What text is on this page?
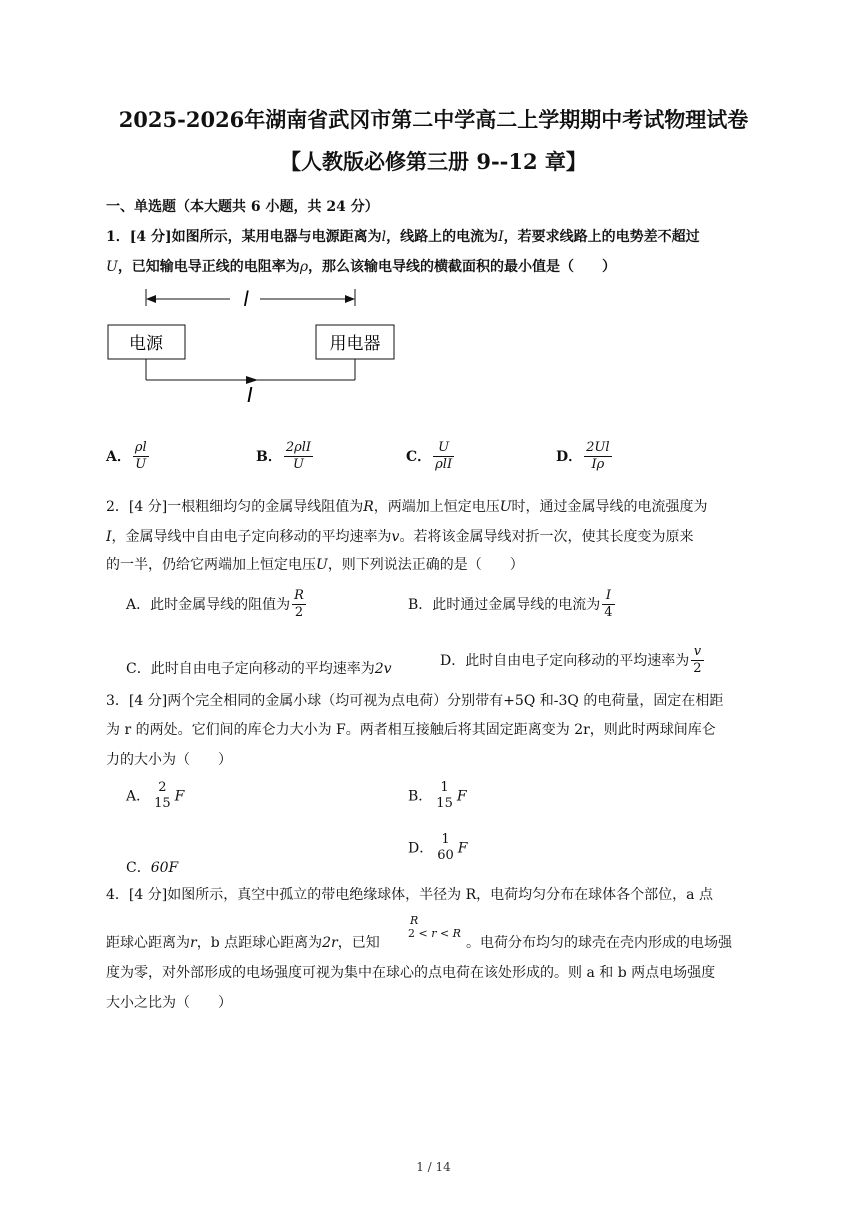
2025-2026年湖南省武冈市第二中学高二上学期期中考试物理试卷
【人教版必修第三册 9--12 章】
一、单选题（本大题共 6 小题，共 24 分）
1．[4 分]如图所示，某用电器与电源距离为l，线路上的电流为I，若要求线路上的电势差不超过
U，已知输电导正线的电阻率为ρ，那么该输电导线的横截面积的最小值是（　　）
l
电源	用电器
I
A． $\frac{\rho l}{U}$	B． $\frac{\text{2ρlI}}{U}$	C． $\frac{U}{\text{ρlI}}$	D． $\frac{2Ul}{I\rho}$
2．[4 分]一根粗细均匀的金属导线阻值为R，两端加上恒定电压U时，通过金属导线的电流强度为
I，金属导线中自由电子定向移动的平均速率为v。若将该金属导线对折一次，使其长度变为原来
的一半，仍给它两端加上恒定电压U，则下列说法正确的是（　　）
A．此时金属导线的阻值为 $\frac{R}{2}$	B．此时通过金属导线的电流为 $\frac{I}{4}$
C．此时自由电子定向移动的平均速率为2v
D．此时自由电子定向移动的平均速率为 $\frac{v}{2}$
3．[4 分]两个完全相同的金属小球（均可视为点电荷）分别带有+5Q 和-3Q 的电荷量，固定在相距
为 r 的两处。它们间的库仑力大小为 F。两者相互接触后将其固定距离变为 2r，则此时两球间库仑
力的大小为（　　）
A．
2
15 F	B．
1
15 F
C．60F
D．
1
60 F
4．[4 分]如图所示，真空中孤立的带电绝缘球体，半径为 R，电荷均匀分布在球体各个部位，a 点
距球心距离为r，b 点距球心距离为2r，已知
R
2 < r < R
。电荷分布均匀的球壳在壳内形成的电场强
度为零，对外部形成的电场强度可视为集中在球心的点电荷在该处形成的。则 a 和 b 两点电场强度
大小之比为（　　）
1 / 14
